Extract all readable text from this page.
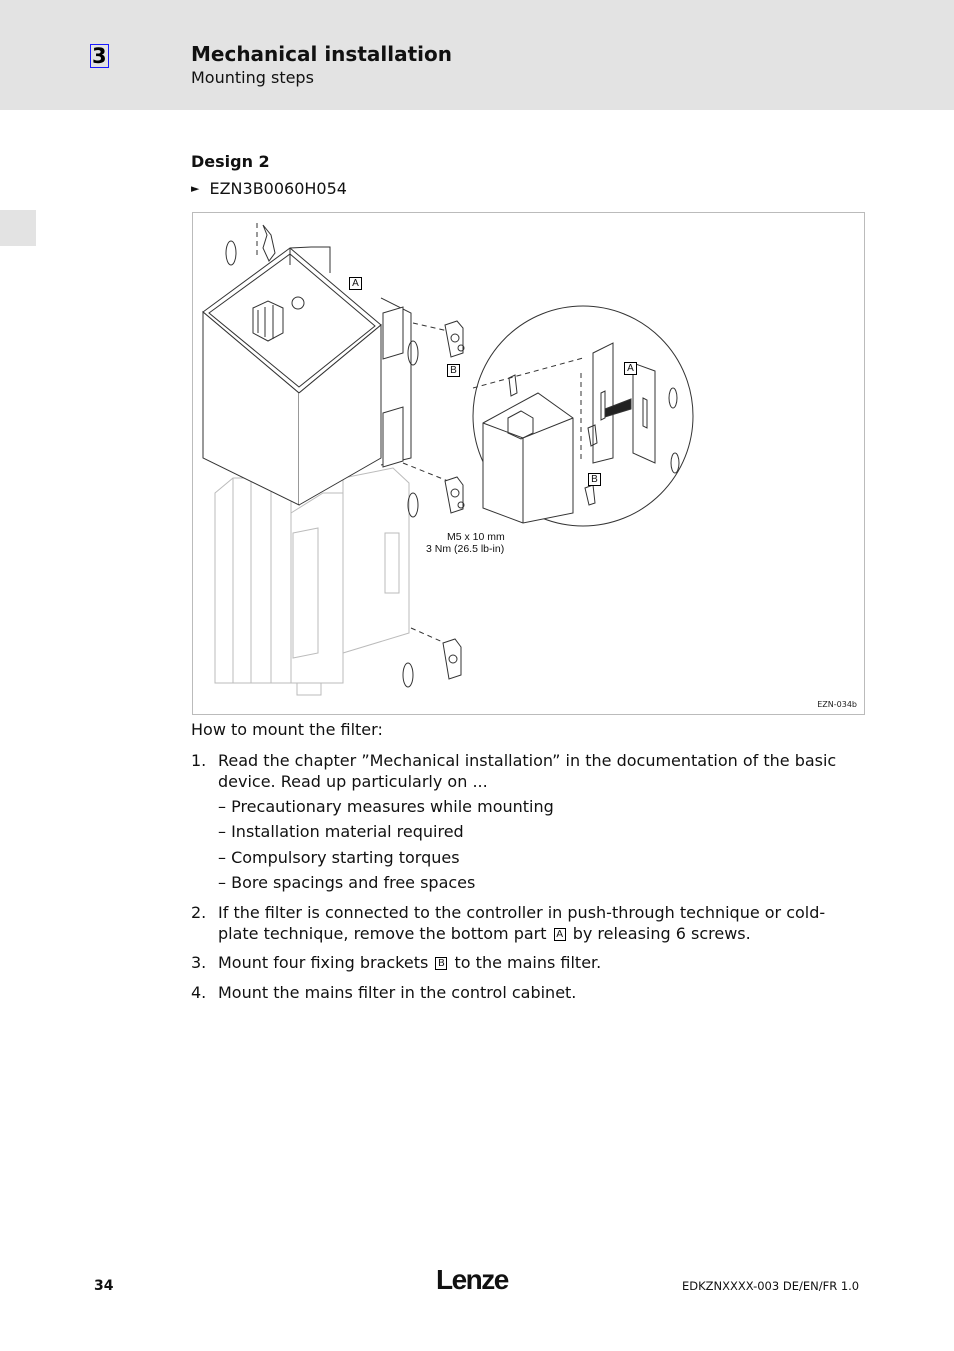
3	Mechanical installation
Mounting steps
Design 2
► EZN3B0060H054
A
B	A
B
M5 x 10 mm
3 Nm (26.5 lb-in)
EZN-034b
How to mount the filter:
1. Read the chapter ”Mechanical installation” in the documentation of the basic device. Read up particularly on ...
– Precautionary measures while mounting
– Installation material required
– Compulsory starting torques
– Bore spacings and free spaces
2. If the filter is connected to the controller in push-through technique or cold-plate technique, remove the bottom part A by releasing 6 screws.
3. Mount four fixing brackets B to the mains filter.
4. Mount the mains filter in the control cabinet.
34	Lenze	EDKZNXXXX-003 DE/EN/FR 1.0
